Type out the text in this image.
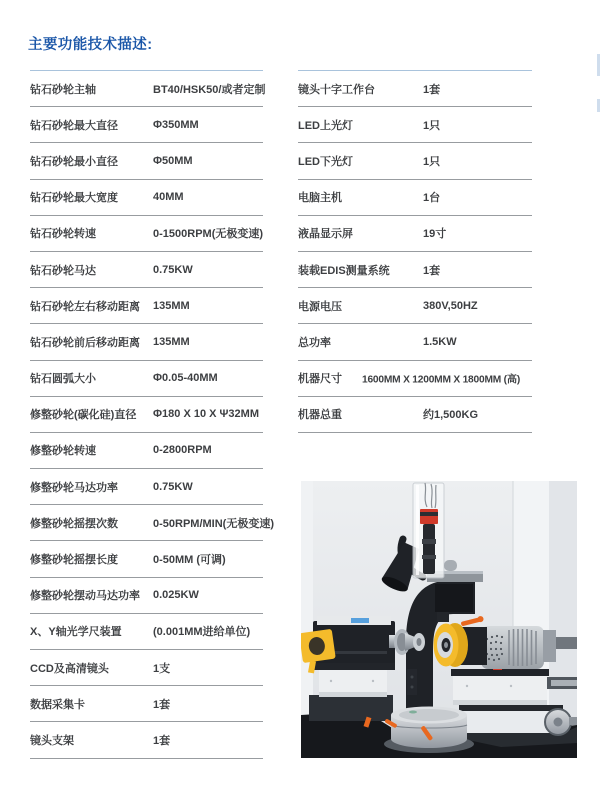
主要功能技术描述:
钻石砂轮主轴	BT40/HSK50/或者定制
钻石砂轮最大直径	Φ350MM
钻石砂轮最小直径	Φ50MM
钻石砂轮最大宽度	40MM
钻石砂轮转速	0-1500RPM(无极变速)
钻石砂轮马达	0.75KW
钻石砂轮左右移动距离 135MM
钻石砂轮前后移动距离 135MM
钻石圆弧大小	Φ0.05-40MM
修整砂轮(碳化硅)直径 Φ180 X 10 X Ψ32MM
修整砂轮转速	0-2800RPM
修整砂轮马达功率	0.75KW
修整砂轮摇摆次数	0-50RPM/MIN(无极变速)
修整砂轮摇摆长度	0-50MM (可调)
修整砂轮摆动马达功率 0.025KW
X、Y轴光学尺装置	(0.001MM进给单位)
CCD及高清镜头	1支
数据采集卡	1套
镜头支架	1套
镜头十字工作台	1套
LED上光灯	1只
LED下光灯	1只
电脑主机	1台
液晶显示屏	19寸
装载EDIS测量系统	1套
电源电压	380V,50HZ
总功率	1.5KW
机器尺寸 1600MM X 1200MM X 1800MM (高)
机器总重	约1,500KG
